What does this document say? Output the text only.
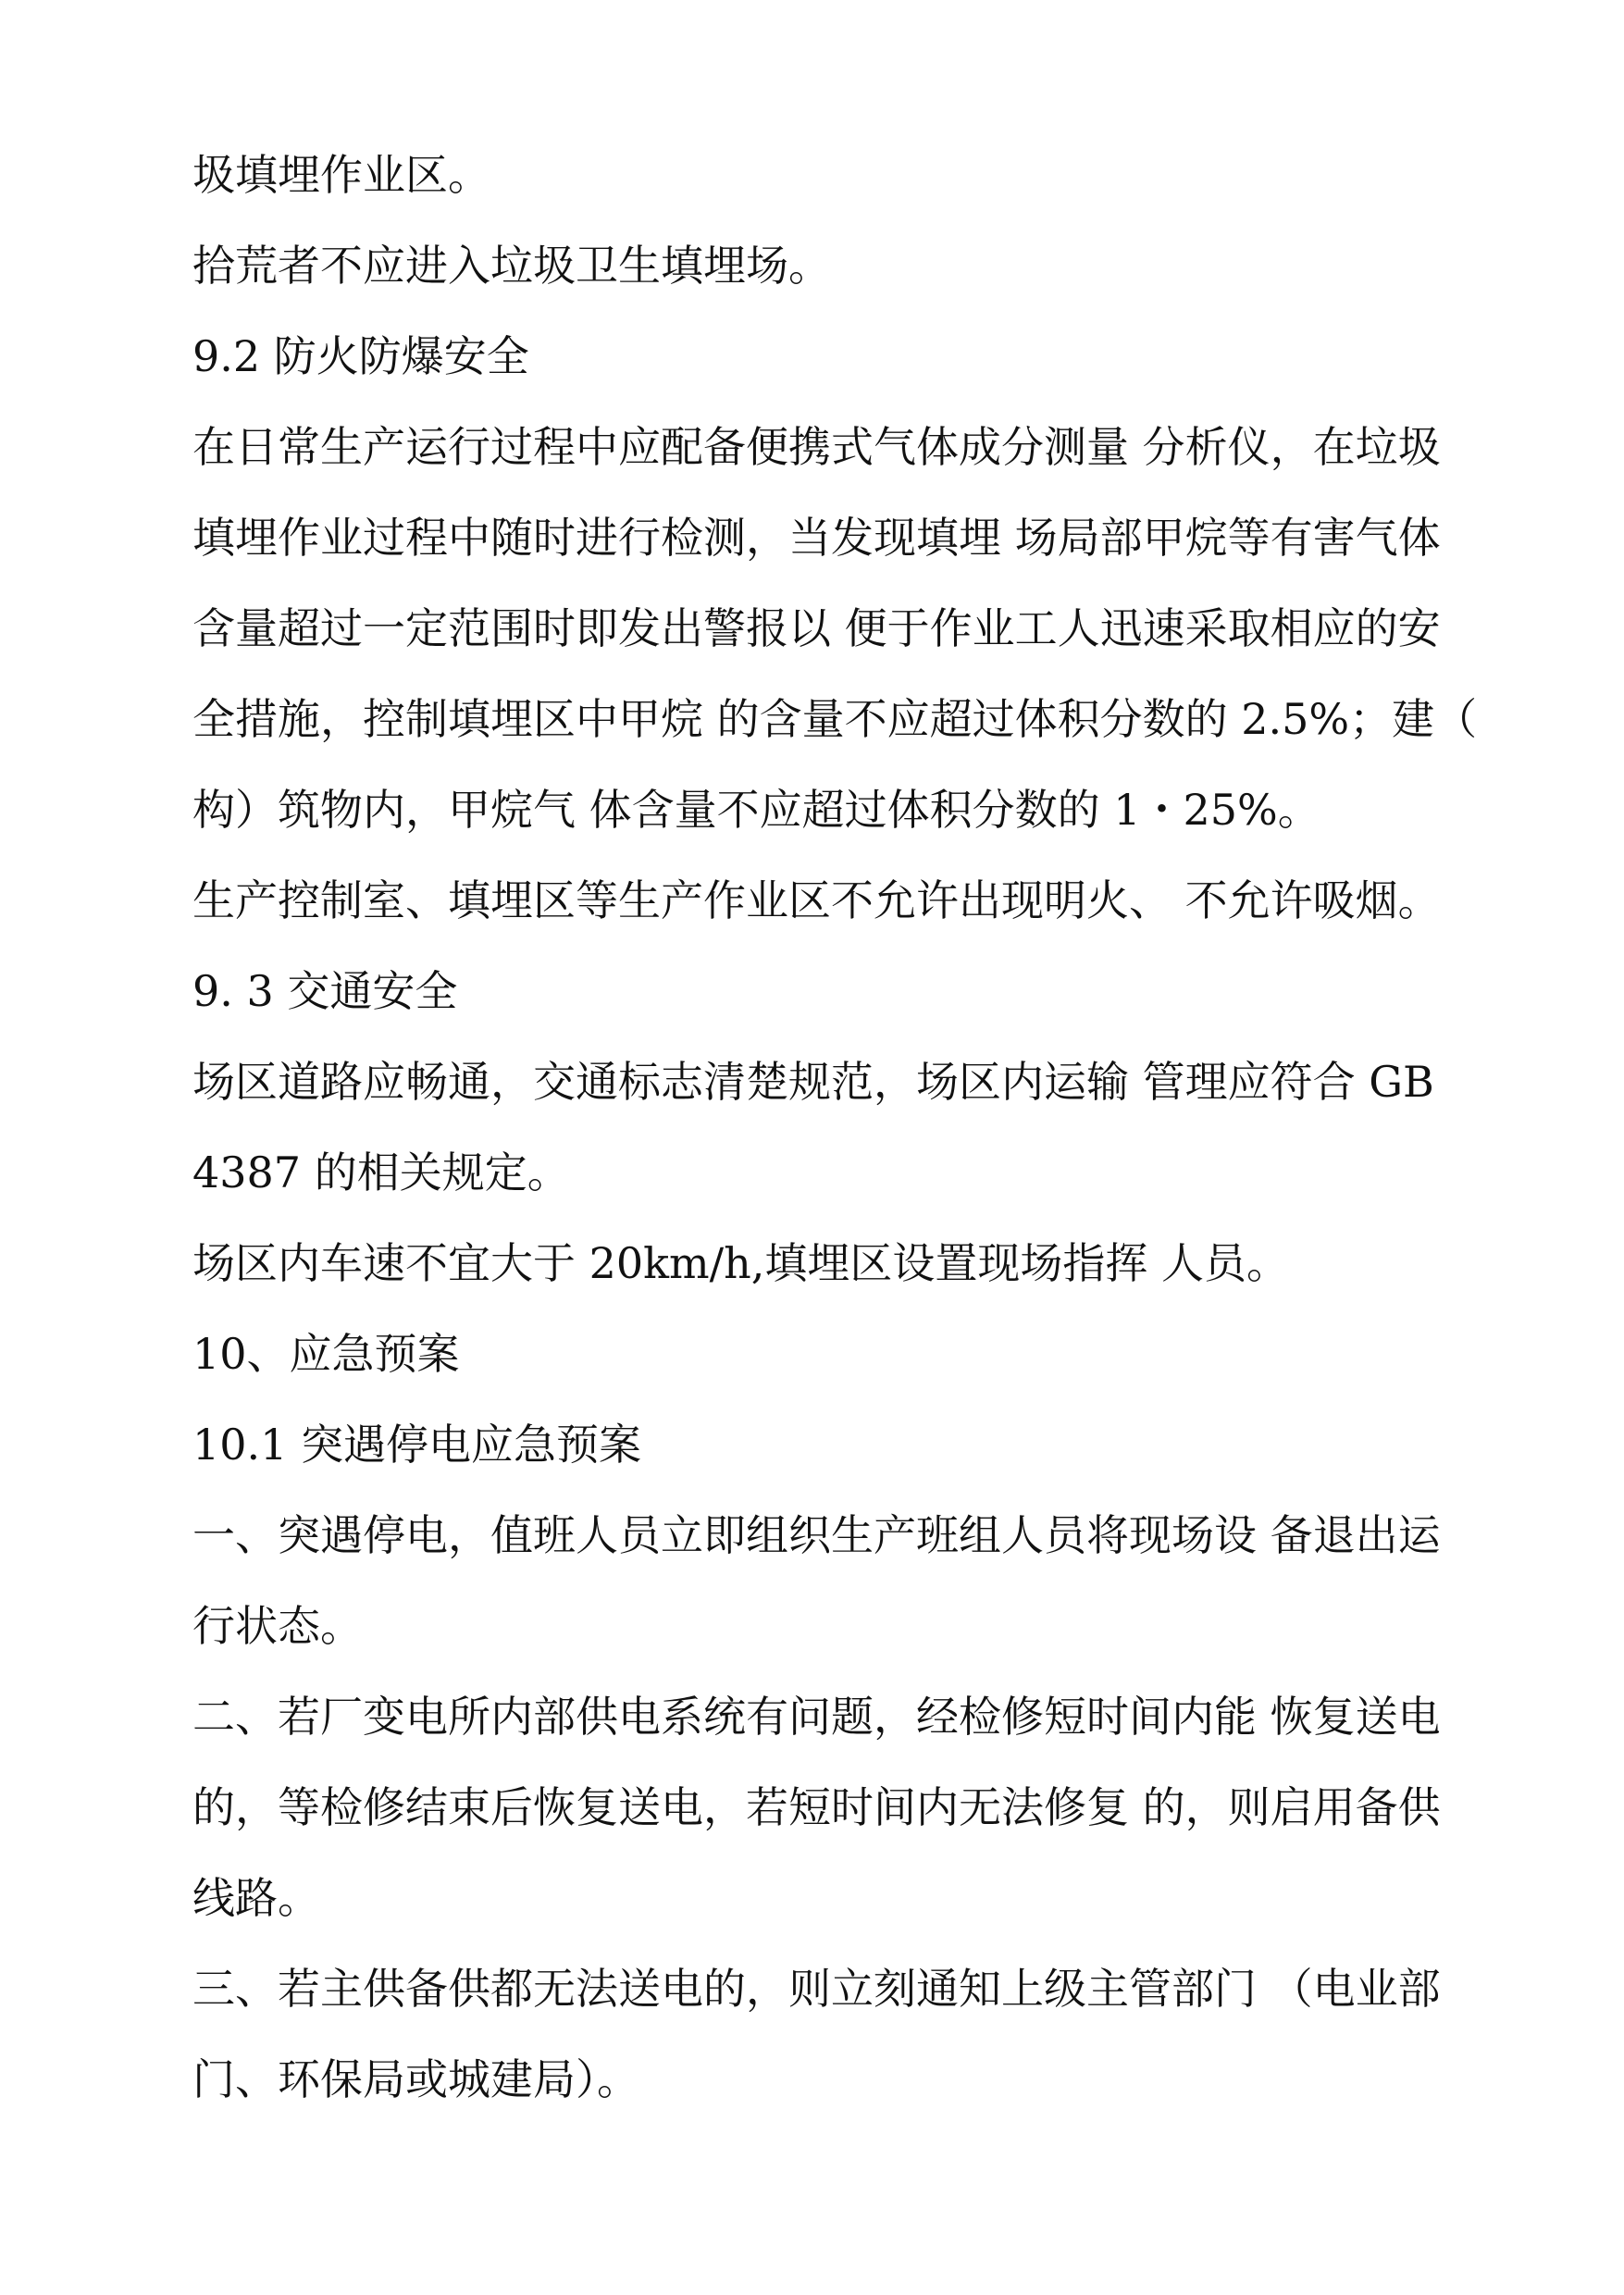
圾填埋作业区。
拾荒者不应进入垃圾卫生填埋场。
9.2 防火防爆安全
在日常生产运行过程中应配备便携式气体成分测量 分析仪，在垃圾
填埋作业过程中随时进行检测，当发现填埋 场局部甲烷等有害气体
含量超过一定范围时即发出警报以 便于作业工人迅速采取相应的安
全措施，控制填埋区中甲烷 的含量不应超过体积分数的 2.5%；建（
构）筑物内，甲烷气 体含量不应超过体积分数的 1・25%。
生产控制室、填埋区等生产作业区不允许出现明火、 不允许吸烟。
9. 3 交通安全
场区道路应畅通，交通标志清楚规范，场区内运输 管理应符合 GB
4387 的相关规定。
场区内车速不宜大于 20km/h,填埋区设置现场指挥 人员。
10、应急预案
10.1 突遇停电应急预案
一、突遇停电，值班人员立即组织生产班组人员将现场设 备退出运
行状态。
二、若厂变电所内部供电系统有问题，经检修短时间内能 恢复送电
的，等检修结束后恢复送电，若短时间内无法修复 的，则启用备供
线路。
三、若主供备供都无法送电的，则立刻通知上级主管部门 （电业部
门、环保局或城建局）。
